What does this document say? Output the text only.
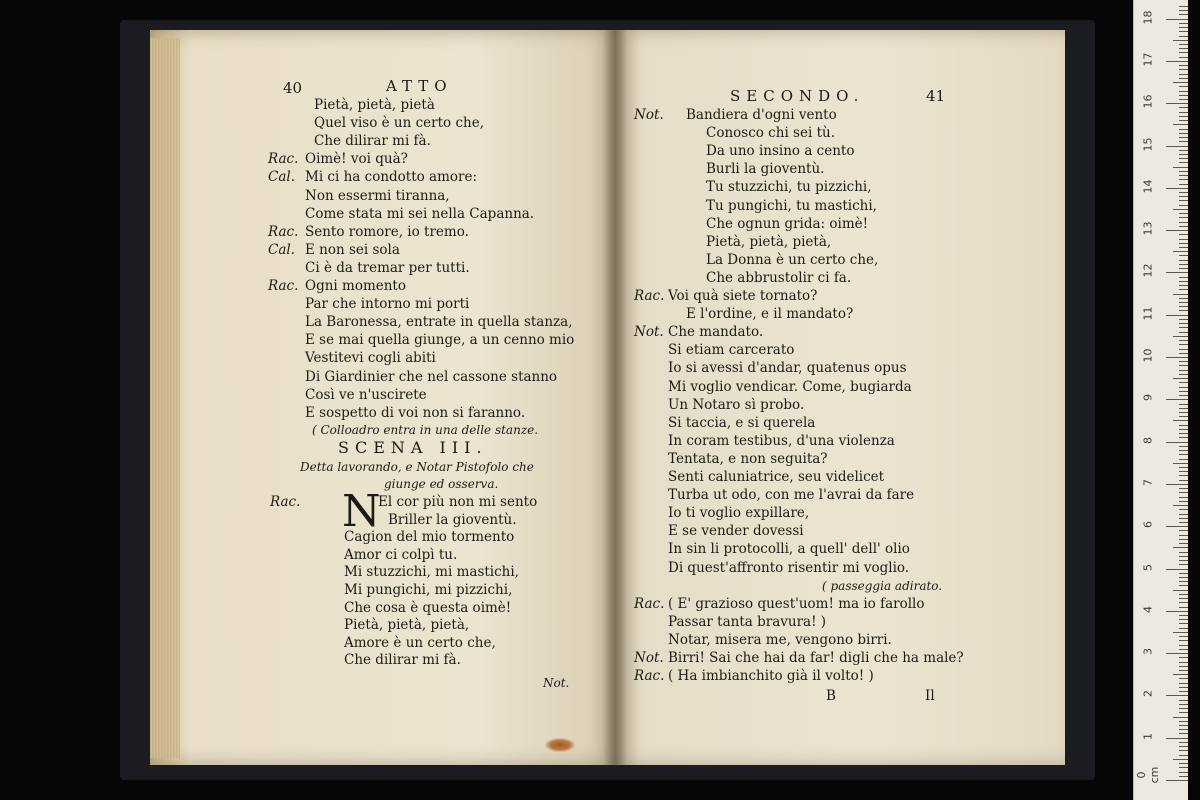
40	ATTO
Pietà, pietà, pietà
Quel viso è un certo che,
Che dilirar mi fà.
Rac. Oimè! voi quà?
Cal. Mi ci ha condotto amore:
Non essermi tiranna,
Come stata mi sei nella Capanna.
Rac. Sento romore, io tremo.
Cal. E non sei sola
Ci è da tremar per tutti.
Rac. Ogni momento
Par che intorno mi porti
La Baronessa, entrate in quella stanza,
E se mai quella giunge, a un cenno mio
Vestitevi cogli abiti
Di Giardinier che nel cassone stanno
Così ve n'uscirete
E sospetto di voi non si faranno.
( Colloadro entra in una delle stanze.
SCENA III.
Detta lavorando, e Notar Pistofolo che
giunge ed osserva.
Rac. N
El cor più non mi sento
Briller la gioventù.
Cagion del mio tormento
Amor ci colpì tu.
Mi stuzzichi, mi mastichi,
Mi pungichi, mi pizzichi,
Che cosa è questa oimè!
Pietà, pietà, pietà,
Amore è un certo che,
Che dilirar mi fà.
Not.
SECONDO.	41
Not. Bandiera d'ogni vento
Conosco chi sei tù.
Da uno insino a cento
Burli la gioventù.
Tu stuzzichi, tu pizzichi,
Tu pungichi, tu mastichi,
Che ognun grida: oimè!
Pietà, pietà, pietà,
La Donna è un certo che,
Che abbrustolir ci fa.
Rac. Voi quà siete tornato?
E l'ordine, e il mandato?
Not. Che mandato.
Si etiam carcerato
Io si avessi d'andar, quatenus opus
Mi voglio vendicar. Come, bugiarda
Un Notaro sì probo.
Si taccia, e si querela
In coram testibus, d'una violenza
Tentata, e non seguita?
Senti caluniatrice, seu videlicet
Turba ut odo, con me l'avrai da fare
Io ti voglio expillare,
E se vender dovessi
In sin li protocolli, a quell' dell' olio
Di quest'affronto risentir mi voglio.
( passeggia adirato.
Rac. ( E' grazioso quest'uom! ma io farollo
Passar tanta bravura! )
Notar, misera me, vengono birri.
Not. Birri! Sai che hai da far! digli che ha male?
Rac. ( Ha imbianchito già il volto! )
B	Il
0 cm
1
2
3
4
5
6
7
8
9
10
11
12
13
14
15
16
17
18
